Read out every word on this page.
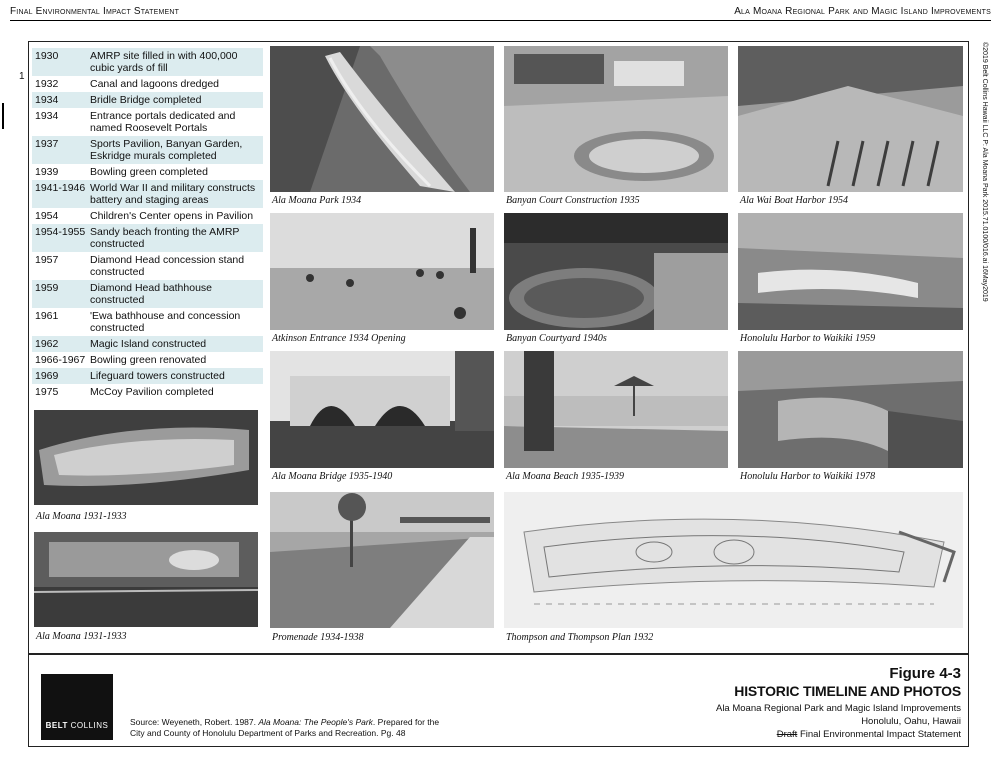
Final Environmental Impact Statement	Ala Moana Regional Park and Magic Island Improvements
1
1930	AMRP site filled in with 400,000 cubic yards of fill
1932	Canal and lagoons dredged
1934	Bridle Bridge completed
1934	Entrance portals dedicated and named Roosevelt Portals
1937	Sports Pavilion, Banyan Garden, Eskridge murals completed
1939	Bowling green completed
1941-1946 World War II and military constructs battery and staging areas
1954	Children's Center opens in Pavilion
1954-1955 Sandy beach fronting the AMRP constructed
1957	Diamond Head concession stand constructed
1959	Diamond Head bathhouse constructed
1961	'Ewa bathhouse and concession constructed
1962	Magic Island constructed
1966-1967 Bowling green renovated
1969	Lifeguard towers constructed
1975	McCoy Pavilion completed
Ala Moana Park 1934	Banyan Court Construction 1935	Ala Wai Boat Harbor 1954
Atkinson Entrance 1934 Opening	Banyan Courtyard 1940s	Honolulu Harbor to Waikiki 1959
Ala Moana Bridge 1935-1940	Ala Moana Beach 1935-1939	Honolulu Harbor to Waikiki 1978
Ala Moana 1931-1933
Ala Moana 1931-1933	Promenade 1934-1938	Thompson and Thompson Plan 1932
©2019 Belt Collins Hawaii LLC P: Ala Moana Park 2015.71.0100/016.ai 16May2019
BELT COLLINS	Source: Weyeneth, Robert. 1987. Ala Moana: The People's Park. Prepared for the
City and County of Honolulu Department of Parks and Recreation. Pg. 48
Figure 4-3
HISTORIC TIMELINE AND PHOTOS
Ala Moana Regional Park and Magic Island Improvements
Honolulu, Oahu, Hawaii
Draft Final Environmental Impact Statement
